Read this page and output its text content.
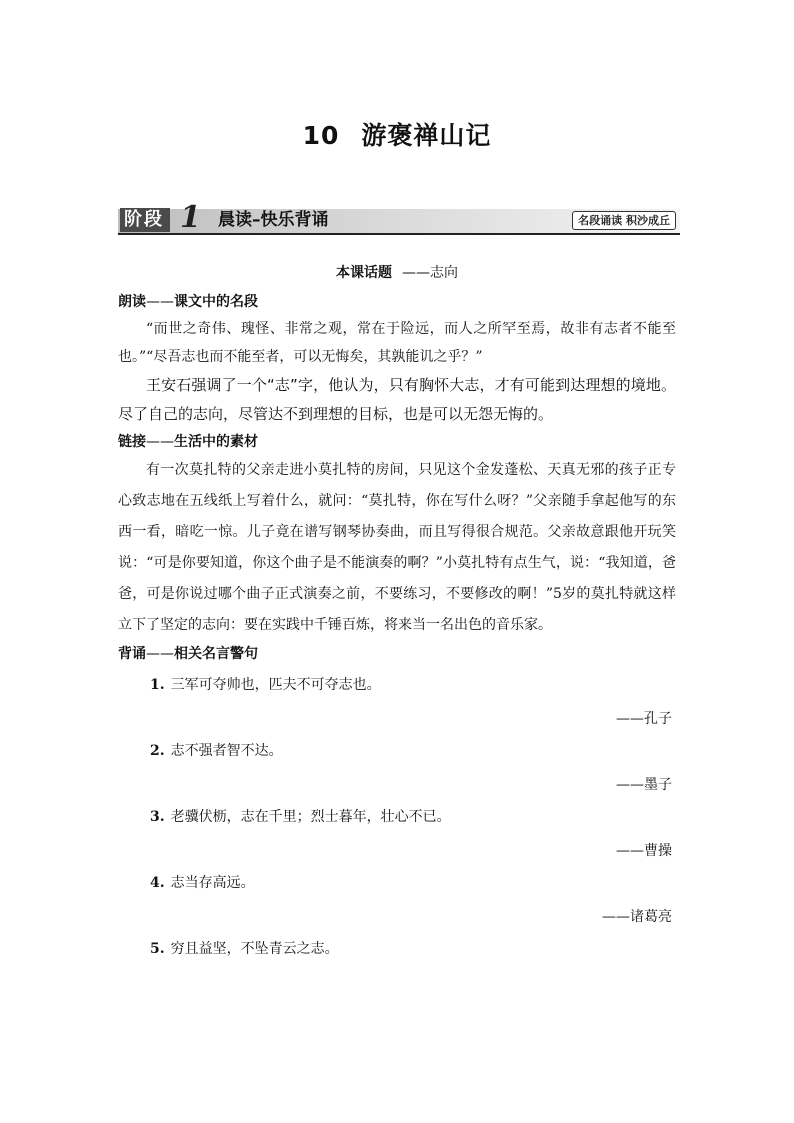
10 游褒禅山记
阶段 1 晨读–快乐背诵	名段诵读 积沙成丘
本课话题 ——志向
朗读——课文中的名段

“而世之奇伟、瑰怪、非常之观，常在于险远，而人之所罕至焉，故非有志者不能至也。”“尽吾志也而不能至者，可以无悔矣，其孰能讥之乎？”

王安石强调了一个“志”字，他认为，只有胸怀大志，才有可能到达理想的境地。尽了自己的志向，尽管达不到理想的目标，也是可以无怨无悔的。

链接——生活中的素材

有一次莫扎特的父亲走进小莫扎特的房间，只见这个金发蓬松、天真无邪的孩子正专心致志地在五线纸上写着什么，就问：“莫扎特，你在写什么呀？”父亲随手拿起他写的东西一看，暗吃一惊。儿子竟在谱写钢琴协奏曲，而且写得很合规范。父亲故意跟他开玩笑说：“可是你要知道，你这个曲子是不能演奏的啊？”小莫扎特有点生气，说：“我知道，爸爸，可是你说过哪个曲子正式演奏之前，不要练习，不要修改的啊！”5岁的莫扎特就这样立下了坚定的志向：要在实践中千锤百炼，将来当一名出色的音乐家。

背诵——相关名言警句
1. 三军可夺帅也，匹夫不可夺志也。
——孔子
2. 志不强者智不达。
——墨子
3. 老骥伏枥，志在千里；烈士暮年，壮心不已。
——曹操
4. 志当存高远。
——诸葛亮
5. 穷且益坚，不坠青云之志。
